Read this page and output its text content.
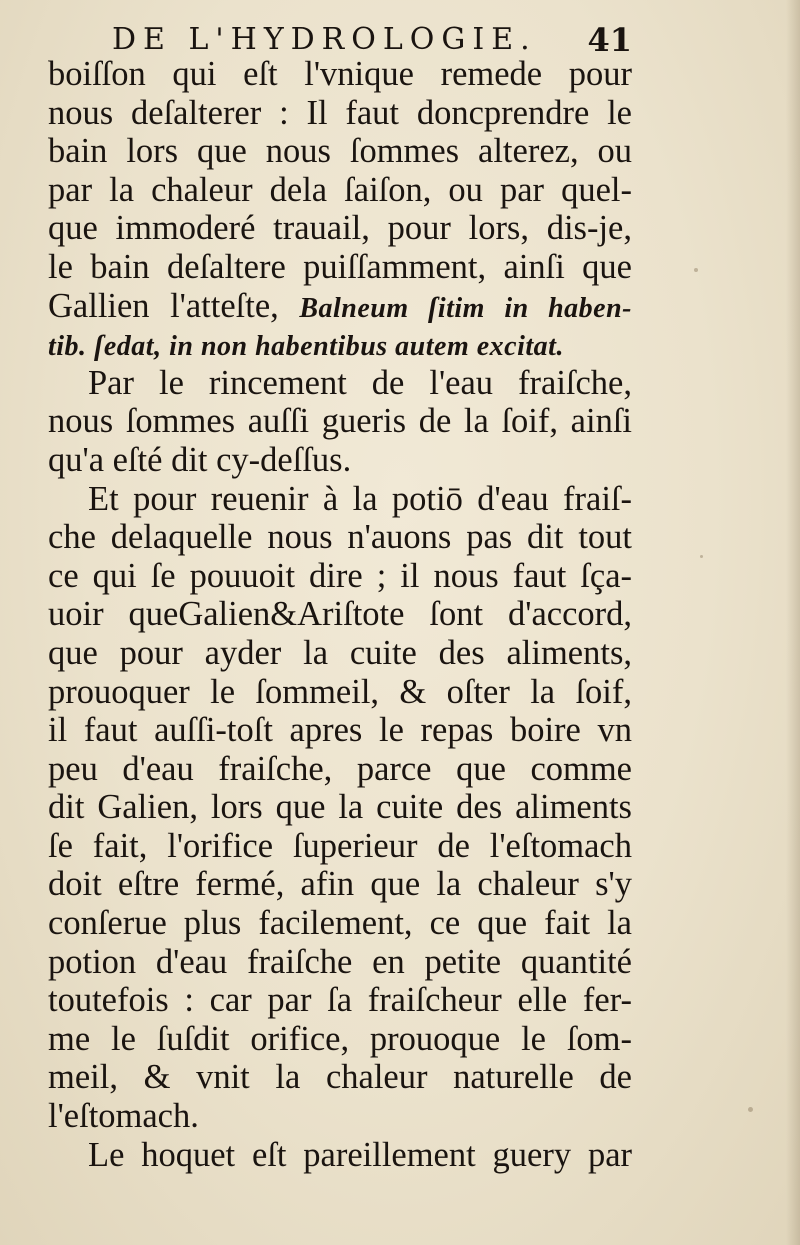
DE L'HYDROLOGIE. 41
boiſſon qui eſt l'vnique remede pour
nous deſalterer : Il faut doncprendre le
bain lors que nous ſommes alterez, ou
par la chaleur dela ſaiſon, ou par quel-
que immoderé trauail, pour lors, dis-je,
le bain deſaltere puiſſamment, ainſi que
Gallien l'atteſte, Balneum ſitim in haben-
tib. ſedat, in non habentibus autem excitat.
Par le rincement de l'eau fraiſche,
nous ſommes auſſi gueris de la ſoif, ainſi
qu'a eſté dit cy-deſſus.
Et pour reuenir à la potiō d'eau fraiſ-
che delaquelle nous n'auons pas dit tout
ce qui ſe pouuoit dire ; il nous faut ſça-
uoir queGalien&Ariſtote ſont d'accord,
que pour ayder la cuite des aliments,
prouoquer le ſommeil, & oſter la ſoif,
il faut auſſi-toſt apres le repas boire vn
peu d'eau fraiſche, parce que comme
dit Galien, lors que la cuite des aliments
ſe fait, l'orifice ſuperieur de l'eſtomach
doit eſtre fermé, afin que la chaleur s'y
conſerue plus facilement, ce que fait la
potion d'eau fraiſche en petite quantité
toutefois : car par ſa fraiſcheur elle fer-
me le ſuſdit orifice, prouoque le ſom-
meil, & vnit la chaleur naturelle de
l'eſtomach.
Le hoquet eſt pareillement guery par
